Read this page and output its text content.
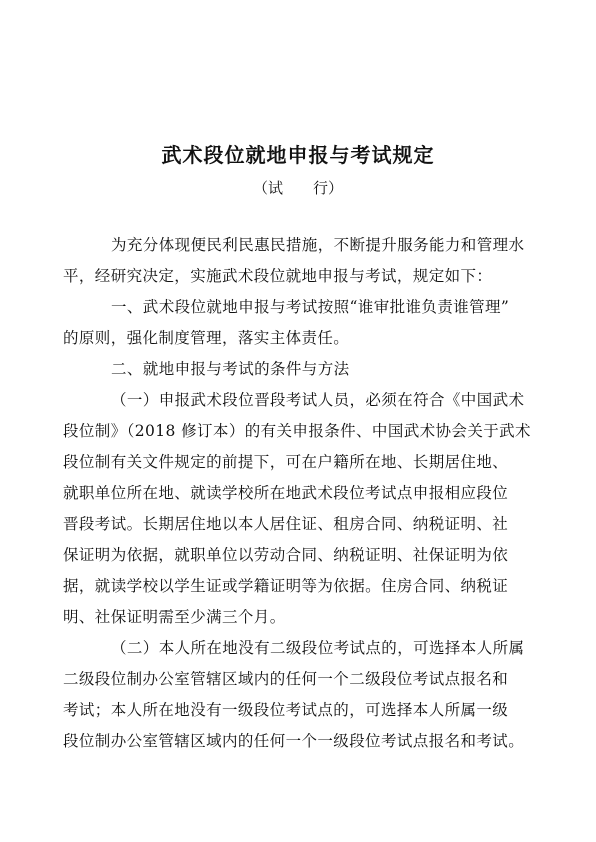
武术段位就地申报与考试规定
（试　　行）
为充分体现便民利民惠民措施，不断提升服务能力和管理水
平，经研究决定，实施武术段位就地申报与考试，规定如下：
一、武术段位就地申报与考试按照“谁审批谁负责谁管理”
的原则，强化制度管理，落实主体责任。
二、就地申报与考试的条件与方法
（一）申报武术段位晋段考试人员，必须在符合《中国武术
段位制》（2018 修订本）的有关申报条件、中国武术协会关于武术
段位制有关文件规定的前提下，可在户籍所在地、长期居住地、
就职单位所在地、就读学校所在地武术段位考试点申报相应段位
晋段考试。长期居住地以本人居住证、租房合同、纳税证明、社
保证明为依据，就职单位以劳动合同、纳税证明、社保证明为依
据，就读学校以学生证或学籍证明等为依据。住房合同、纳税证
明、社保证明需至少满三个月。
（二）本人所在地没有二级段位考试点的，可选择本人所属
二级段位制办公室管辖区域内的任何一个二级段位考试点报名和
考试；本人所在地没有一级段位考试点的，可选择本人所属一级
段位制办公室管辖区域内的任何一个一级段位考试点报名和考试。
